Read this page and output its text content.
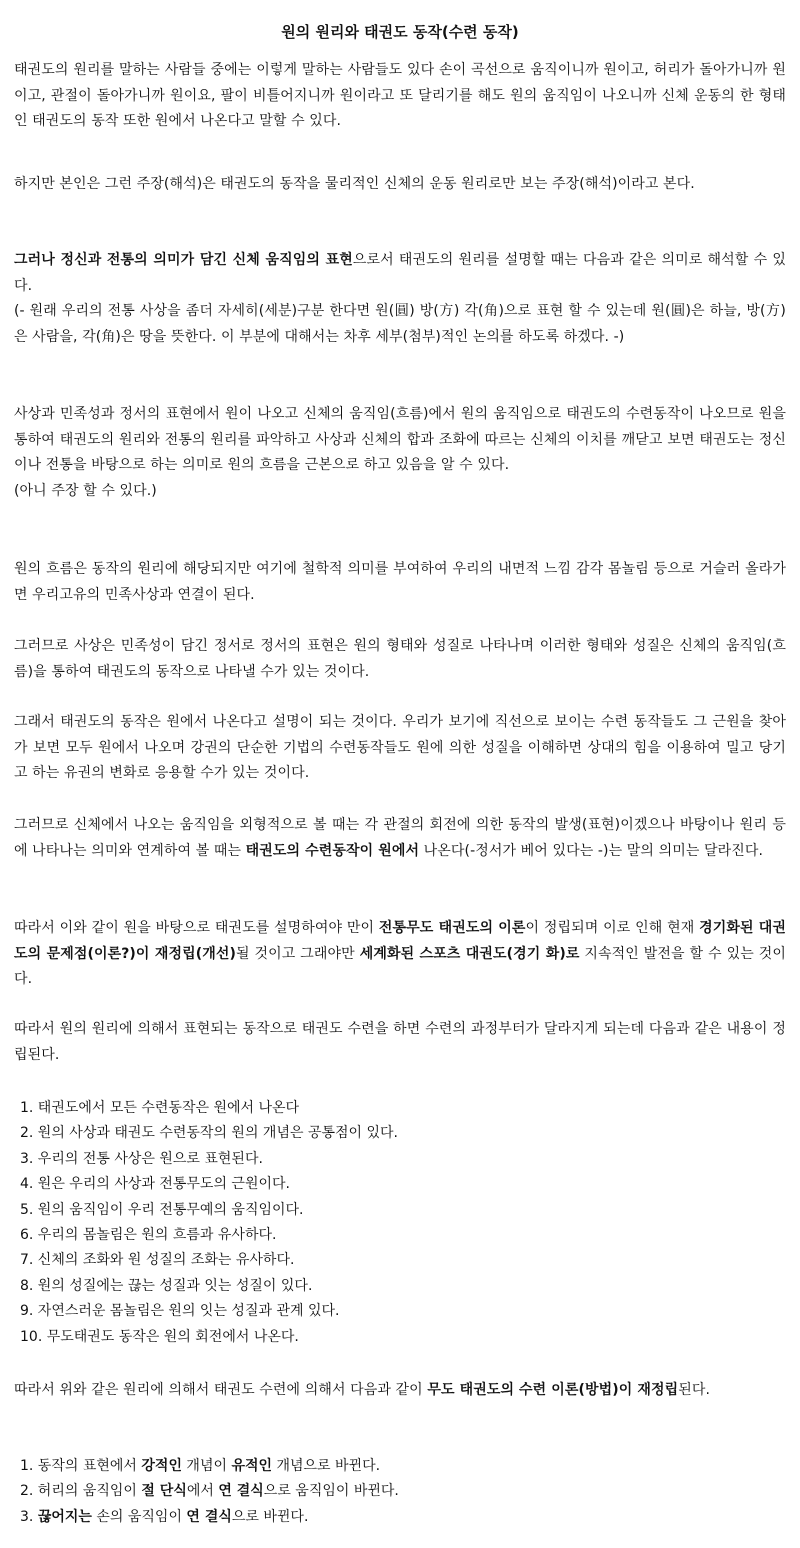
원의 원리와 태권도 동작(수련 동작)

태권도의 원리를 말하는 사람들 중에는 이렇게 말하는 사람들도 있다 손이 곡선으로 움직이니까 원이고, 허리가 돌아가니까 원이고, 관절이 돌아가니까 원이요, 팔이 비틀어지니까 원이라고 또 달리기를 해도 원의 움직임이 나오니까 신체 운동의 한 형태인 태권도의 동작 또한 원에서 나온다고 말할 수 있다.

하지만 본인은 그런 주장(해석)은 태권도의 동작을 물리적인 신체의 운동 원리로만 보는 주장(해석)이라고 본다.

그러나 정신과 전통의 의미가 담긴 신체 움직임의 표현으로서 태권도의 원리를 설명할 때는 다음과 같은 의미로 해석할 수 있다.
(- 원래 우리의 전통 사상을 좀더 자세히(세분)구분 한다면 원(圓) 방(方) 각(角)으로 표현 할 수 있는데 원(圓)은 하늘, 방(方)은 사람을, 각(角)은 땅을 뜻한다. 이 부분에 대해서는 차후 세부(첨부)적인 논의를 하도록 하겠다. -)
사상과 민족성과 정서의 표현에서 원이 나오고 신체의 움직임(흐름)에서 원의 움직임으로 태권도의 수련동작이 나오므로 원을 통하여 태권도의 원리와 전통의 원리를 파악하고 사상과 신체의 합과 조화에 따르는 신체의 이치를 깨닫고 보면 태권도는 정신이나 전통을 바탕으로 하는 의미로 원의 흐름을 근본으로 하고 있음을 알 수 있다.
(아니 주장 할 수 있다.)

원의 흐름은 동작의 원리에 해당되지만 여기에 철학적 의미를 부여하여 우리의 내면적 느낌 감각 몸놀림 등으로 거슬러 올라가면 우리고유의 민족사상과 연결이 된다.

그러므로 사상은 민족성이 담긴 정서로 정서의 표현은 원의 형태와 성질로 나타나며 이러한 형태와 성질은 신체의 움직임(흐름)을 통하여 태권도의 동작으로 나타낼 수가 있는 것이다.

그래서 태권도의 동작은 원에서 나온다고 설명이 되는 것이다. 우리가 보기에 직선으로 보이는 수련 동작들도 그 근원을 찾아가 보면 모두 원에서 나오며 강권의 단순한 기법의 수련동작들도 원에 의한 성질을 이해하면 상대의 힘을 이용하여 밀고 당기고 하는 유권의 변화로 응용할 수가 있는 것이다.

그러므로 신체에서 나오는 움직임을 외형적으로 볼 때는 각 관절의 회전에 의한 동작의 발생(표현)이겠으나 바탕이나 원리 등에 나타나는 의미와 연계하여 볼 때는 태권도의 수련동작이 원에서 나온다(-정서가 베어 있다는 -)는 말의 의미는 달라진다.

따라서 이와 같이 원을 바탕으로 태권도를 설명하여야 만이 전통무도 태권도의 이론이 정립되며 이로 인해 현재 경기화된 대권도의 문제점(이론?)이 재정립(개선)될 것이고 그래야만 세계화된 스포츠 대권도(경기 화)로 지속적인 발전을 할 수 있는 것이다.

따라서 원의 원리에 의해서 표현되는 동작으로 태권도 수련을 하면 수련의 과정부터가 달라지게 되는데 다음과 같은 내용이 정립된다.

1. 태권도에서 모든 수련동작은 원에서 나온다
2. 원의 사상과 태권도 수련동작의 원의 개념은 공통점이 있다.
3. 우리의 전통 사상은 원으로 표현된다.
4. 원은 우리의 사상과 전통무도의 근원이다.
5. 원의 움직임이 우리 전통무예의 움직임이다.
6. 우리의 몸놀림은 원의 흐름과 유사하다.
7. 신체의 조화와 원 성질의 조화는 유사하다.
8. 원의 성질에는 끊는 성질과 잇는 성질이 있다.
9. 자연스러운 몸놀림은 원의 잇는 성질과 관계 있다.
10. 무도태권도 동작은 원의 회전에서 나온다.

따라서 위와 같은 원리에 의해서 태권도 수련에 의해서 다음과 같이 무도 태권도의 수련 이론(방법)이 재정립된다.

1. 동작의 표현에서 강적인 개념이 유적인 개념으로 바뀐다.
2. 허리의 움직임이 절 단식에서 연 결식으로 움직임이 바뀐다.
3. 끊어지는 손의 움직임이 연 결식으로 바뀐다.
